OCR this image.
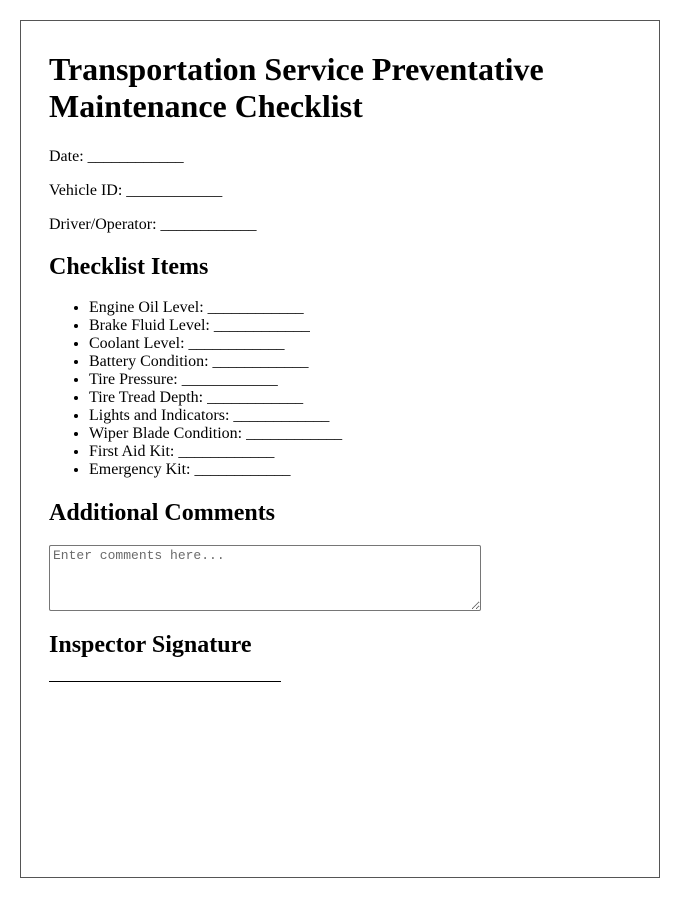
Transportation Service Preventative Maintenance Checklist
Date: ____________
Vehicle ID: ____________
Driver/Operator: ____________
Checklist Items
• Engine Oil Level: ____________
• Brake Fluid Level: ____________
• Coolant Level: ____________
• Battery Condition: ____________
• Tire Pressure: ____________
• Tire Tread Depth: ____________
• Lights and Indicators: ____________
• Wiper Blade Condition: ____________
• First Aid Kit: ____________
• Emergency Kit: ____________
Additional Comments
Enter comments here...
Inspector Signature
